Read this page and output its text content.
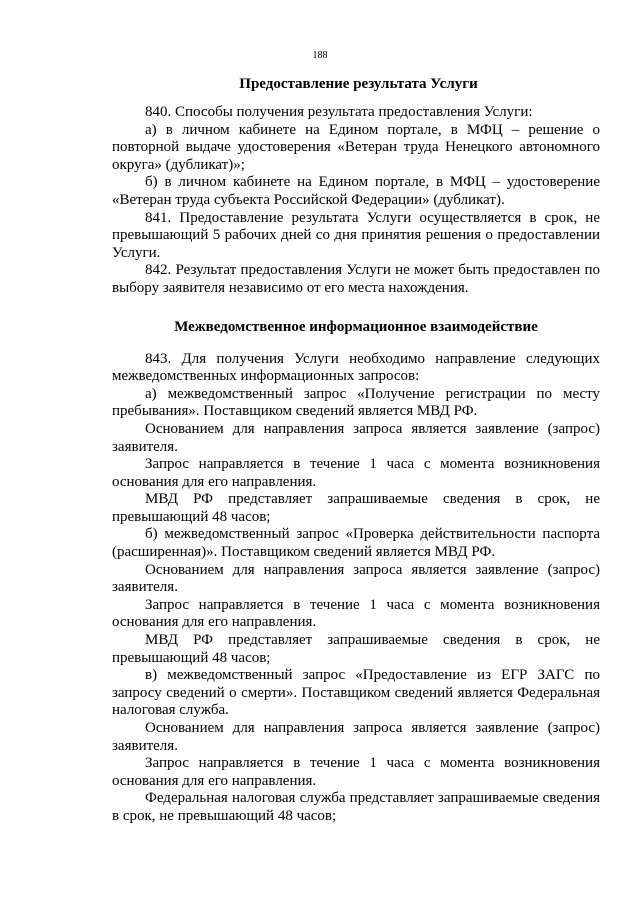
188
Предоставление результата Услуги

840. Способы получения результата предоставления Услуги:

а) в личном кабинете на Едином портале, в МФЦ – решение о повторной выдаче удостоверения «Ветеран труда Ненецкого автономного округа» (дубликат)»;

б) в личном кабинете на Едином портале, в МФЦ – удостоверение «Ветеран труда субъекта Российской Федерации» (дубликат).

841. Предоставление результата Услуги осуществляется в срок, не превышающий 5 рабочих дней со дня принятия решения о предоставлении Услуги.

842. Результат предоставления Услуги не может быть предоставлен по выбору заявителя независимо от его места нахождения.

Межведомственное информационное взаимодействие

843. Для получения Услуги необходимо направление следующих межведомственных информационных запросов:

а) межведомственный запрос «Получение регистрации по месту пребывания». Поставщиком сведений является МВД РФ.

Основанием для направления запроса является заявление (запрос) заявителя.

Запрос направляется в течение 1 часа с момента возникновения основания для его направления.

МВД РФ представляет запрашиваемые сведения в срок, не превышающий 48 часов;

б) межведомственный запрос «Проверка действительности паспорта (расширенная)». Поставщиком сведений является МВД РФ.

Основанием для направления запроса является заявление (запрос) заявителя.

Запрос направляется в течение 1 часа с момента возникновения основания для его направления.

МВД РФ представляет запрашиваемые сведения в срок, не превышающий 48 часов;

в) межведомственный запрос «Предоставление из ЕГР ЗАГС по запросу сведений о смерти». Поставщиком сведений является Федеральная налоговая служба.

Основанием для направления запроса является заявление (запрос) заявителя.

Запрос направляется в течение 1 часа с момента возникновения основания для его направления.

Федеральная налоговая служба представляет запрашиваемые сведения в срок, не превышающий 48 часов;
